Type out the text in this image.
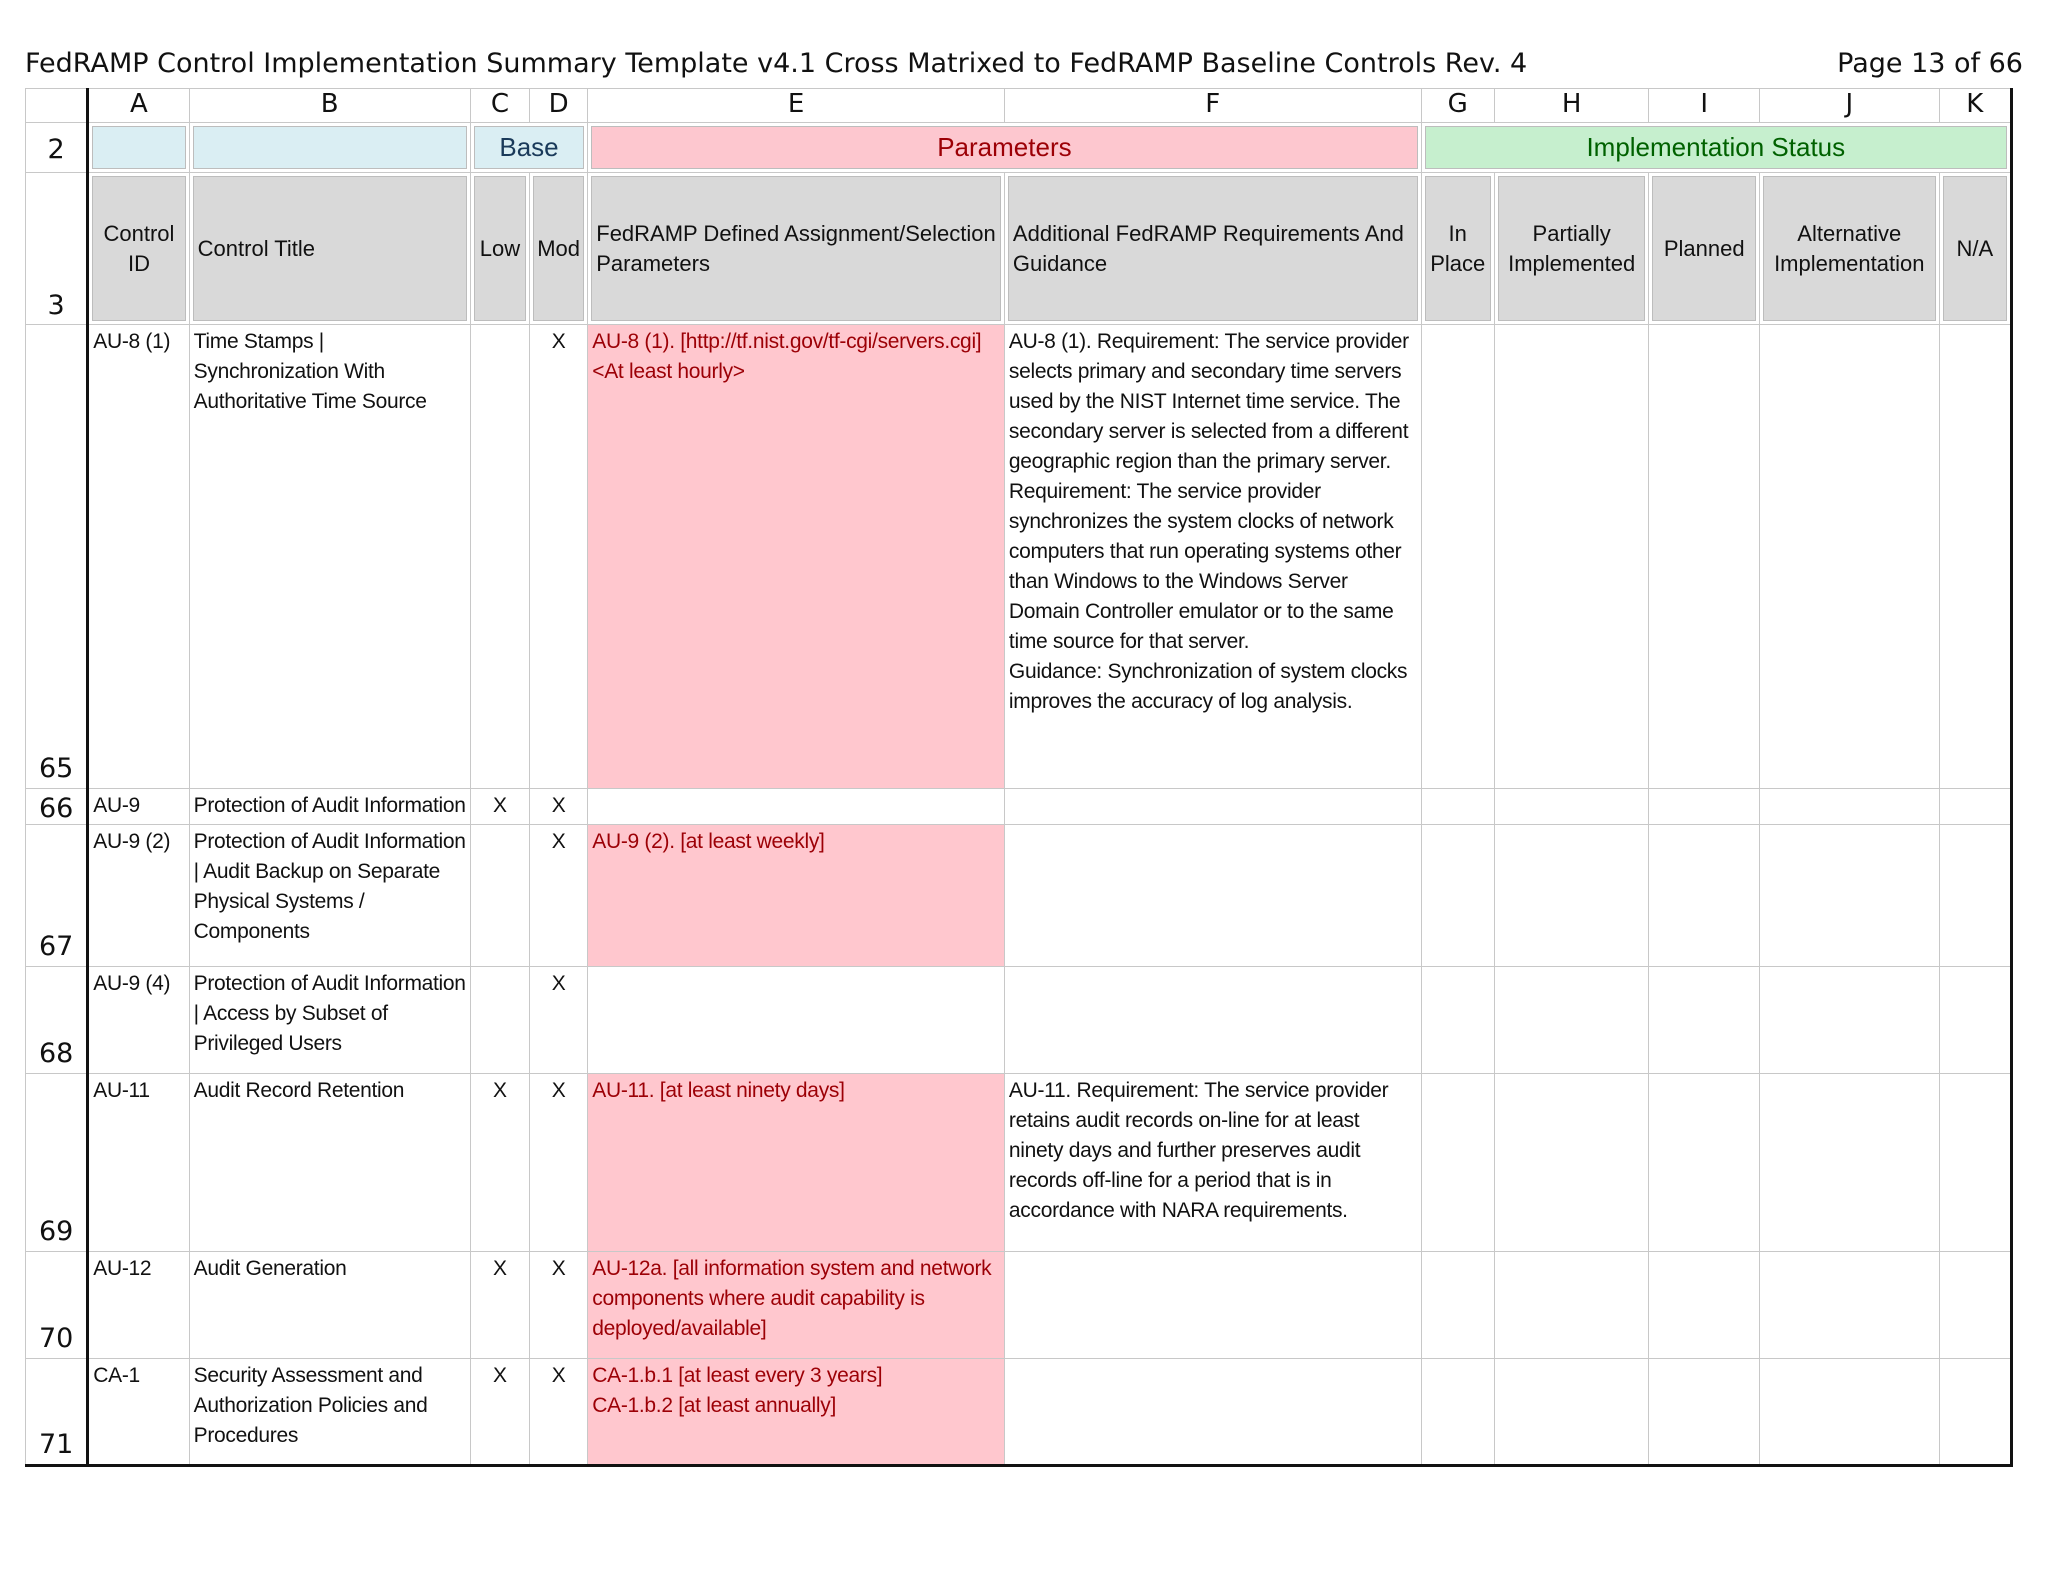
FedRAMP Control Implementation Summary Template v4.1 Cross Matrixed to FedRAMP Baseline Controls Rev. 4	Page 13 of 66
	A	B	C	D	E	F	G	H	I	J	K
2			Base		Parameters		Implementation Status				

3	Control ID	Control Title	Low	Mod	FedRAMP Defined Assignment/Selection Parameters	Additional FedRAMP Requirements And Guidance	In Place	Partially Implemented	Planned	Alternative Implementation	N/A

65	AU-8 (1)	Time Stamps | Synchronization With Authoritative Time Source		X	AU-8 (1). [http://tf.nist.gov/tf-cgi/servers.cgi] <At least hourly>	AU-8 (1). Requirement: The service provider selects primary and secondary time servers used by the NIST Internet time service. The secondary server is selected from a different geographic region than the primary server.
Requirement: The service provider synchronizes the system clocks of network computers that run operating systems other than Windows to the Windows Server Domain Controller emulator or to the same time source for that server.
Guidance: Synchronization of system clocks improves the accuracy of log analysis.					
66	AU-9	Protection of Audit Information	X	X							
67	AU-9 (2)	Protection of Audit Information | Audit Backup on Separate Physical Systems / Components		X	AU-9 (2). [at least weekly]						
68	AU-9 (4)	Protection of Audit Information | Access by Subset of Privileged Users		X							
69	AU-11	Audit Record Retention	X	X	AU-11. [at least ninety days]	AU-11. Requirement: The service provider retains audit records on-line for at least ninety days and further preserves audit records off-line for a period that is in accordance with NARA requirements.					
70	AU-12	Audit Generation	X	X	AU-12a. [all information system and network components where audit capability is deployed/available]						
71	CA-1	Security Assessment and Authorization Policies and Procedures	X	X	CA-1.b.1 [at least every 3 years]
CA-1.b.2 [at least annually]						
